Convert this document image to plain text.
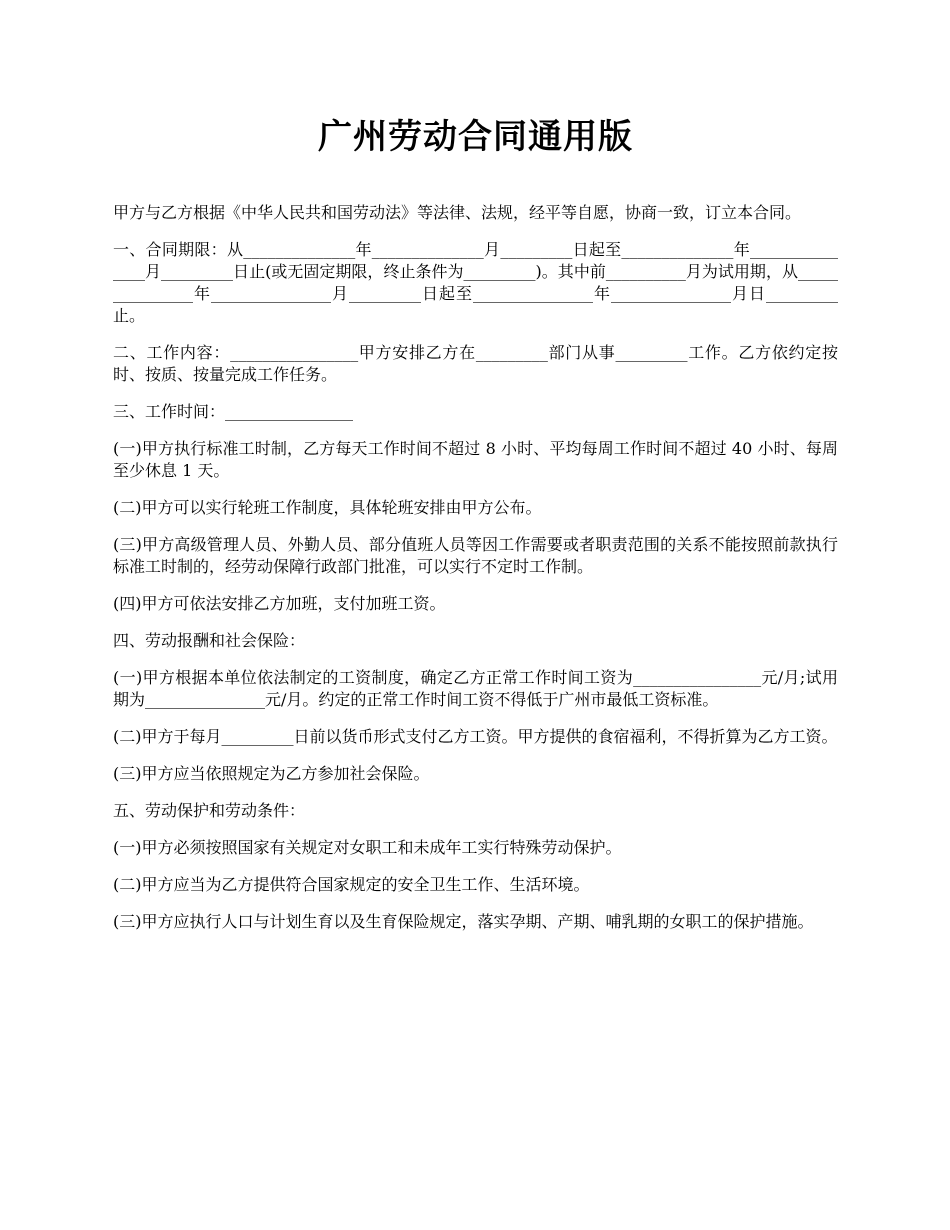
广州劳动合同通用版

甲方与乙方根据《中华人民共和国劳动法》等法律、法规，经平等自愿，协商一致，订立本合同。

一、合同期限：从______________年______________月_________日起至______________年_______________月_________日止(或无固定期限，终止条件为_________)。其中前__________月为试用期，从_______________年_______________月_________日起至_______________年_______________月日_________止。

二、工作内容：________________甲方安排乙方在_________部门从事_________工作。乙方依约定按时、按质、按量完成工作任务。

三、工作时间：________________

(一)甲方执行标准工时制，乙方每天工作时间不超过 8 小时、平均每周工作时间不超过 40 小时、每周至少休息 1 天。

(二)甲方可以实行轮班工作制度，具体轮班安排由甲方公布。

(三)甲方高级管理人员、外勤人员、部分值班人员等因工作需要或者职责范围的关系不能按照前款执行标准工时制的，经劳动保障行政部门批准，可以实行不定时工作制。

(四)甲方可依法安排乙方加班，支付加班工资。

四、劳动报酬和社会保险：

(一)甲方根据本单位依法制定的工资制度，确定乙方正常工作时间工资为________________元/月;试用期为_______________元/月。约定的正常工作时间工资不得低于广州市最低工资标准。

(二)甲方于每月_________日前以货币形式支付乙方工资。甲方提供的食宿福利，不得折算为乙方工资。

(三)甲方应当依照规定为乙方参加社会保险。

五、劳动保护和劳动条件：

(一)甲方必须按照国家有关规定对女职工和未成年工实行特殊劳动保护。

(二)甲方应当为乙方提供符合国家规定的安全卫生工作、生活环境。

(三)甲方应执行人口与计划生育以及生育保险规定，落实孕期、产期、哺乳期的女职工的保护措施。
